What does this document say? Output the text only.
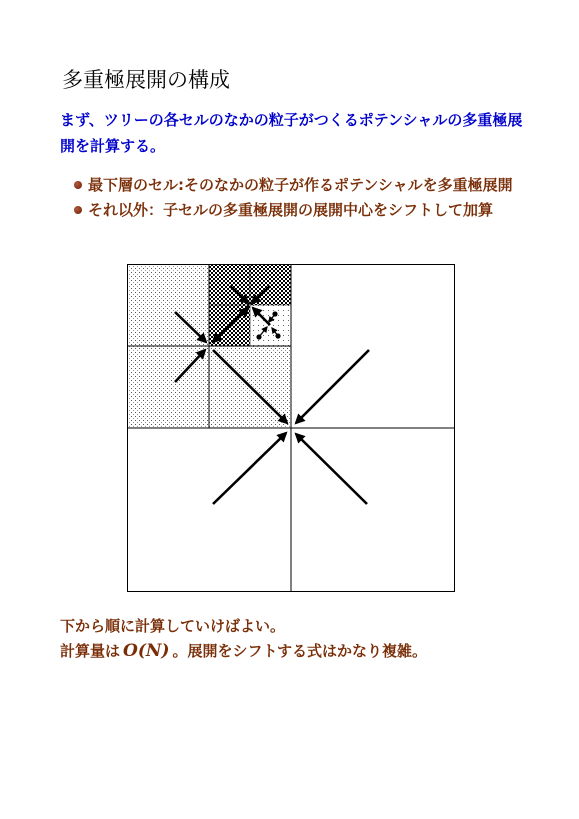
多重極展開の構成
まず、ツリーの各セルのなかの粒子がつくるポテンシャルの多重極展開を計算する。
最下層のセル:そのなかの粒子が作るポテンシャルを多重極展開
それ以外：子セルの多重極展開の展開中心をシフトして加算
下から順に計算していけばよい。
計算量は O(N) 。展開をシフトする式はかなり複雑。
